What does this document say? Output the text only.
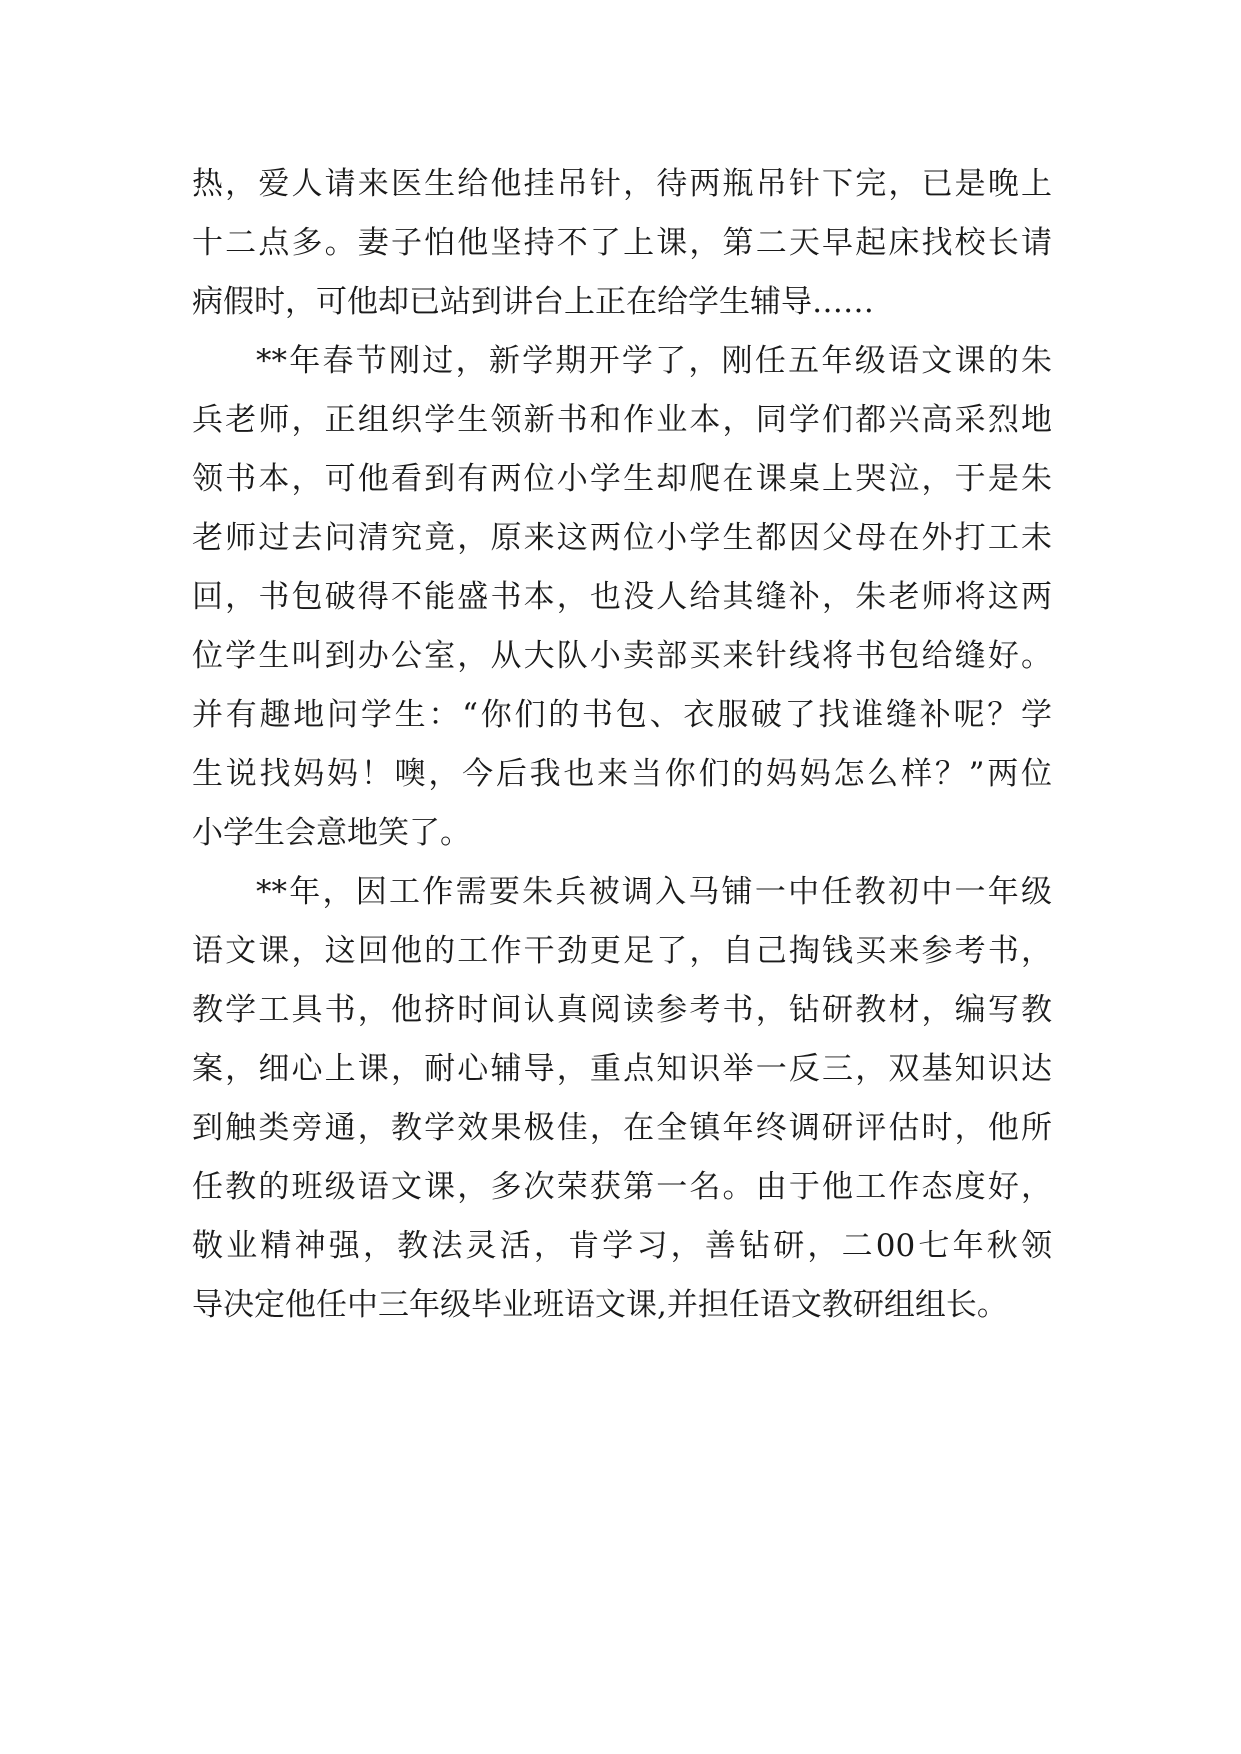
热，爱人请来医生给他挂吊针，待两瓶吊针下完，已是晚上
十二点多。妻子怕他坚持不了上课，第二天早起床找校长请
病假时，可他却已站到讲台上正在给学生辅导……
**年春节刚过，新学期开学了，刚任五年级语文课的朱
兵老师，正组织学生领新书和作业本，同学们都兴高采烈地
领书本，可他看到有两位小学生却爬在课桌上哭泣，于是朱
老师过去问清究竟，原来这两位小学生都因父母在外打工未
回，书包破得不能盛书本，也没人给其缝补，朱老师将这两
位学生叫到办公室，从大队小卖部买来针线将书包给缝好。
并有趣地问学生：“你们的书包、衣服破了找谁缝补呢？学
生说找妈妈！噢，今后我也来当你们的妈妈怎么样？”两位
小学生会意地笑了。
**年，因工作需要朱兵被调入马铺一中任教初中一年级
语文课，这回他的工作干劲更足了，自己掏钱买来参考书，
教学工具书，他挤时间认真阅读参考书，钻研教材，编写教
案，细心上课，耐心辅导，重点知识举一反三，双基知识达
到触类旁通，教学效果极佳，在全镇年终调研评估时，他所
任教的班级语文课，多次荣获第一名。由于他工作态度好，
敬业精神强，教法灵活，肯学习，善钻研，二00七年秋领
导决定他任中三年级毕业班语文课,并担任语文教研组组长。
